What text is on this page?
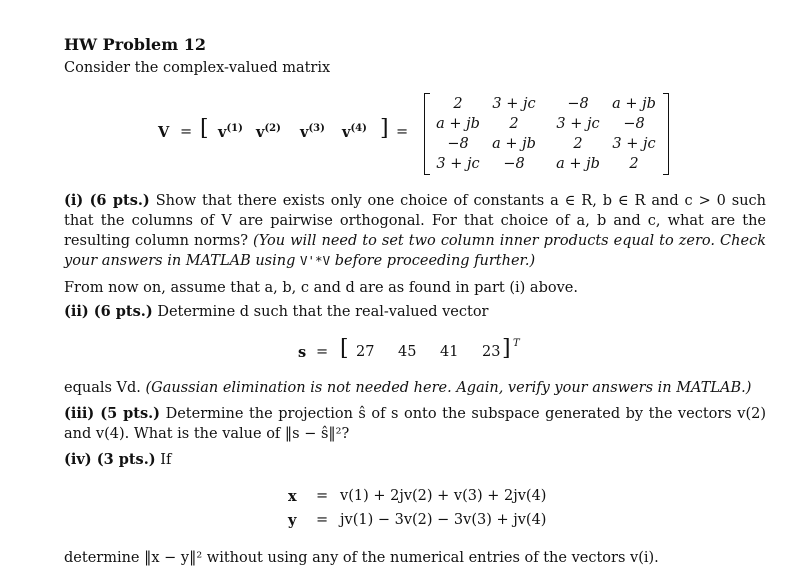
HW Problem 12
Consider the complex-valued matrix
V = [ $v^{(1)}$ $v^{(2)}$ $v^{(3)}$ $v^{(4)}$ ] =
2	3 + jc	−8	a + jb
a + jb	2	3 + jc	−8
−8	a + jb	2	3 + jc
3 + jc	−8	a + jb	2
(i) (6 pts.) Show that there exists only one choice of constants a ∈ R, b ∈ R and c > 0 such that the columns of V are pairwise orthogonal. For that choice of a, b and c, what are the resulting column norms? (You will need to set two column inner products equal to zero. Check your answers in MATLAB using V'*V before proceeding further.)
From now on, assume that a, b, c and d are as found in part (i) above.
(ii) (6 pts.) Determine d such that the real-valued vector
s = [ 27 45 41 23 ] T
equals Vd. (Gaussian elimination is not needed here. Again, verify your answers in MATLAB.)
(iii) (5 pts.) Determine the projection ŝ of s onto the subspace generated by the vectors v(2) and v(4). What is the value of ‖s − ŝ‖²?
(iv) (3 pts.) If
x = v(1) + 2jv(2) + v(3) + 2jv(4)
y = jv(1) − 3v(2) − 3v(3) + jv(4)
determine ‖x − y‖² without using any of the numerical entries of the vectors v(i).
